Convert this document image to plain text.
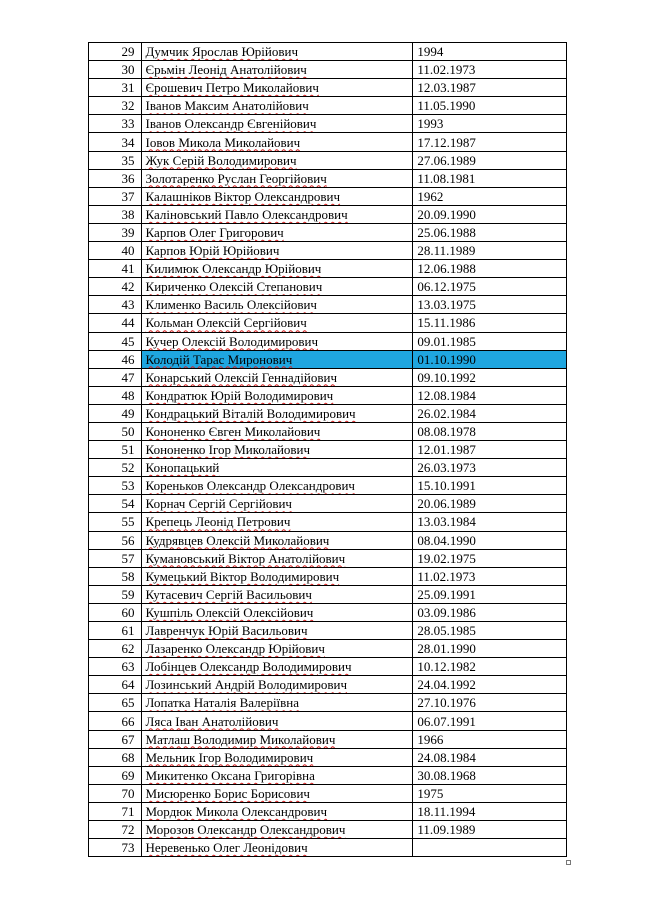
29	Думчик Ярослав Юрійович	1994
30	Єрьмін Леонід Анатолійович	11.02.1973
31	Єрошевич Петро Миколайович	12.03.1987
32	Іванов Максим Анатолійович	11.05.1990
33	Іванов Олександр Євгенійович	1993
34	Іовов Микола Миколайович	17.12.1987
35	Жук Серій Володимирович	27.06.1989
36	Золотаренко Руслан Георгійович	11.08.1981
37	Калашніков Віктор Олександрович	1962
38	Каліновський Павло Олександрович	20.09.1990
39	Карпов Олег Григорович	25.06.1988
40	Карпов Юрій Юрійович	28.11.1989
41	Килимюк Олександр Юрійович	12.06.1988
42	Кириченко Олексій Степанович	06.12.1975
43	Клименко Василь Олексійович	13.03.1975
44	Кольман Олексій Сергійович	15.11.1986
45	Кучер Олексій Володимирович	09.01.1985
46	Колодій Тарас Миронович	01.10.1990
47	Конарський Олексій Геннадійович	09.10.1992
48	Кондратюк Юрій Володимирович	12.08.1984
49	Кондрацький Віталій Володимирович	26.02.1984
50	Кононенко Євген Миколайович	08.08.1978
51	Кононенко Ігор Миколайович	12.01.1987
52	Конопацький	26.03.1973
53	Кореньков Олександр Олександрович	15.10.1991
54	Корнач Сергій Сергійович	20.06.1989
55	Крепець Леонід Петрович	13.03.1984
56	Кудрявцев Олексій Миколайович	08.04.1990
57	Кумановський Віктор Анатолійович	19.02.1975
58	Кумецький Віктор Володимирович	11.02.1973
59	Кутасевич Сергій Васильович	25.09.1991
60	Кушпіль Олексій Олексійович	03.09.1986
61	Лавренчук Юрій Васильович	28.05.1985
62	Лазаренко Олександр Юрійович	28.01.1990
63	Лобінцев Олександр Володимирович	10.12.1982
64	Лозинський Андрій Володимирович	24.04.1992
65	Лопатка Наталія Валеріївна	27.10.1976
66	Ляса Іван Анатолійович	06.07.1991
67	Матлаш Володимир Миколайович	1966
68	Мельник Ігор Володимирович	24.08.1984
69	Микитенко Оксана Григорівна	30.08.1968
70	Мисюренко Борис Борисович	1975
71	Мордюк Микола Олександрович	18.11.1994
72	Морозов Олександр Олександрович	11.09.1989
73	Неревенько Олег Леонідович	
